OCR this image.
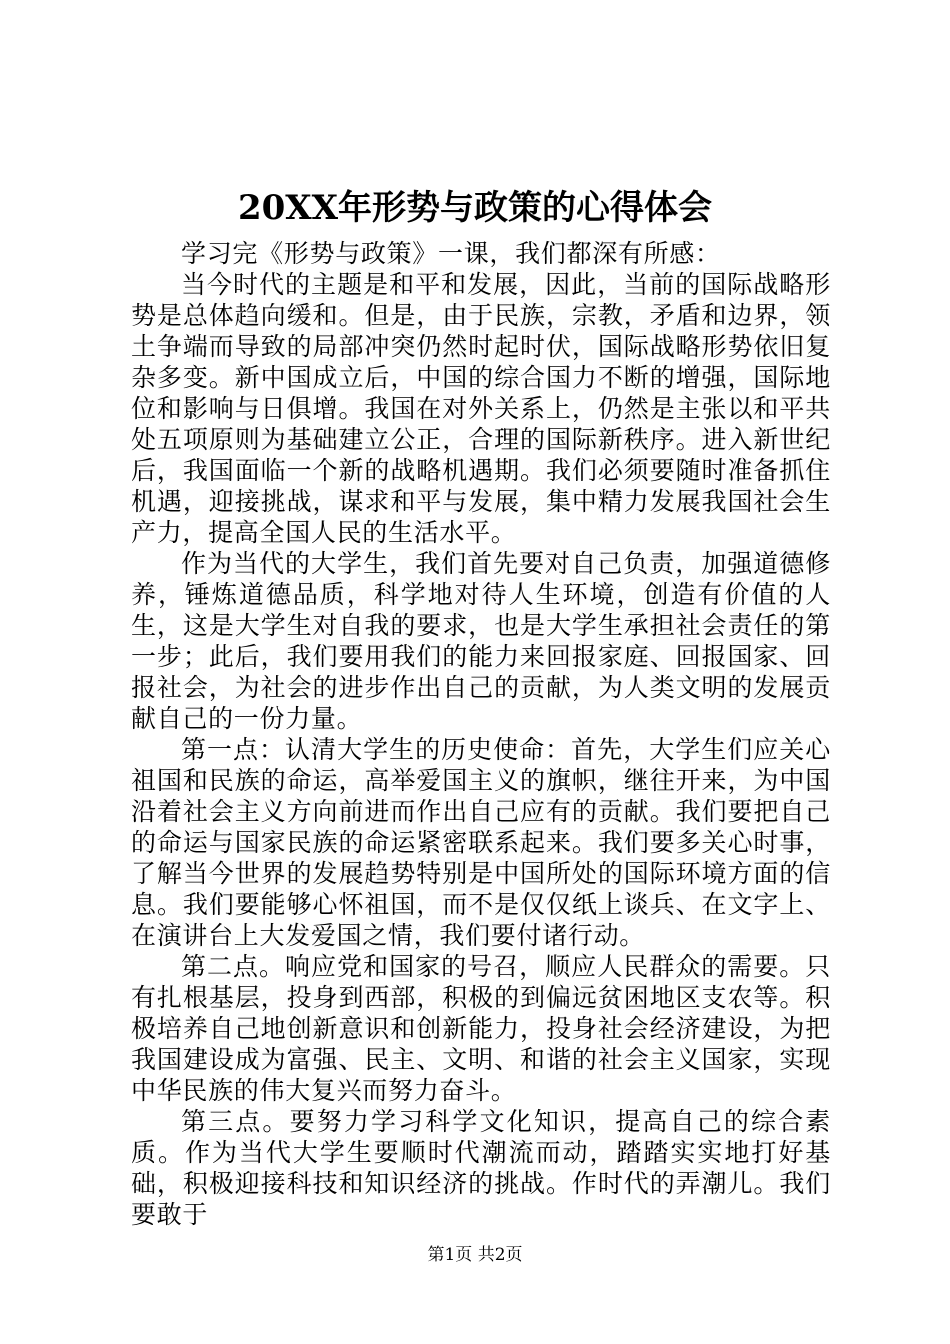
20XX年形势与政策的心得体会

学习完《形势与政策》一课，我们都深有所感：

当今时代的主题是和平和发展，因此，当前的国际战略形势是总体趋向缓和。但是，由于民族，宗教，矛盾和边界，领土争端而导致的局部冲突仍然时起时伏，国际战略形势依旧复杂多变。新中国成立后，中国的综合国力不断的增强，国际地位和影响与日俱增。我国在对外关系上，仍然是主张以和平共处五项原则为基础建立公正，合理的国际新秩序。进入新世纪后，我国面临一个新的战略机遇期。我们必须要随时准备抓住机遇，迎接挑战，谋求和平与发展，集中精力发展我国社会生产力，提高全国人民的生活水平。

作为当代的大学生，我们首先要对自己负责，加强道德修养，锤炼道德品质，科学地对待人生环境，创造有价值的人生，这是大学生对自我的要求，也是大学生承担社会责任的第一步；此后，我们要用我们的能力来回报家庭、回报国家、回报社会，为社会的进步作出自己的贡献，为人类文明的发展贡献自己的一份力量。

第一点：认清大学生的历史使命：首先，大学生们应关心祖国和民族的命运，高举爱国主义的旗帜，继往开来，为中国沿着社会主义方向前进而作出自己应有的贡献。我们要把自己的命运与国家民族的命运紧密联系起来。我们要多关心时事，了解当今世界的发展趋势特别是中国所处的国际环境方面的信息。我们要能够心怀祖国，而不是仅仅纸上谈兵、在文字上、在演讲台上大发爱国之情，我们要付诸行动。

第二点。响应党和国家的号召，顺应人民群众的需要。只有扎根基层，投身到西部，积极的到偏远贫困地区支农等。积极培养自己地创新意识和创新能力，投身社会经济建设，为把我国建设成为富强、民主、文明、和谐的社会主义国家，实现中华民族的伟大复兴而努力奋斗。

第三点。要努力学习科学文化知识，提高自己的综合素质。作为当代大学生要顺时代潮流而动，踏踏实实地打好基础，积极迎接科技和知识经济的挑战。作时代的弄潮儿。我们要敢于

第1页 共2页
